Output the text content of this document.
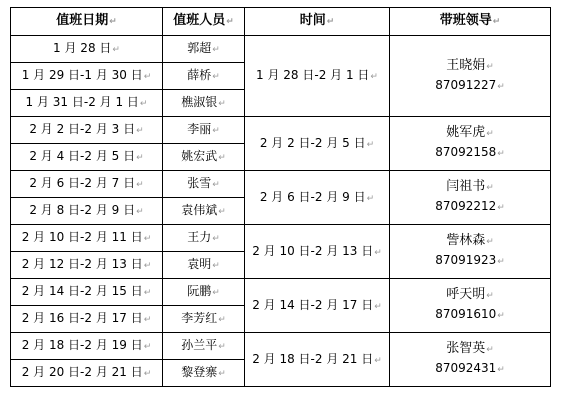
值班日期↵	值班人员↵	时间↵	带班领导↵
1 月 28 日↵	郭超↵	1 月 28 日-2 月 1 日↵	王晓娟↵
87091227↵

1 月 29 日-1 月 30 日↵	薛桥↵		
1 月 31 日-2 月 1 日↵	樵淑银↵		
2 月 2 日-2 月 3 日↵	李丽↵	2 月 2 日-2 月 5 日↵	姚军虎↵
87092158↵

2 月 4 日-2 月 5 日↵	姚宏武↵		
2 月 6 日-2 月 7 日↵	张雪↵	2 月 6 日-2 月 9 日↵	闫祖书↵
87092212↵

2 月 8 日-2 月 9 日↵	袁伟斌↵		
2 月 10 日-2 月 11 日↵	王力↵	2 月 10 日-2 月 13 日↵	訾林森↵
87091923↵

2 月 12 日-2 月 13 日↵	袁明↵		
2 月 14 日-2 月 15 日↵	阮鹏↵	2 月 14 日-2 月 17 日↵	呼天明↵
87091610↵

2 月 16 日-2 月 17 日↵	李芳红↵		
2 月 18 日-2 月 19 日↵	孙兰平↵	2 月 18 日-2 月 21 日↵	张智英↵
87092431↵

2 月 20 日-2 月 21 日↵	黎登寨↵		
